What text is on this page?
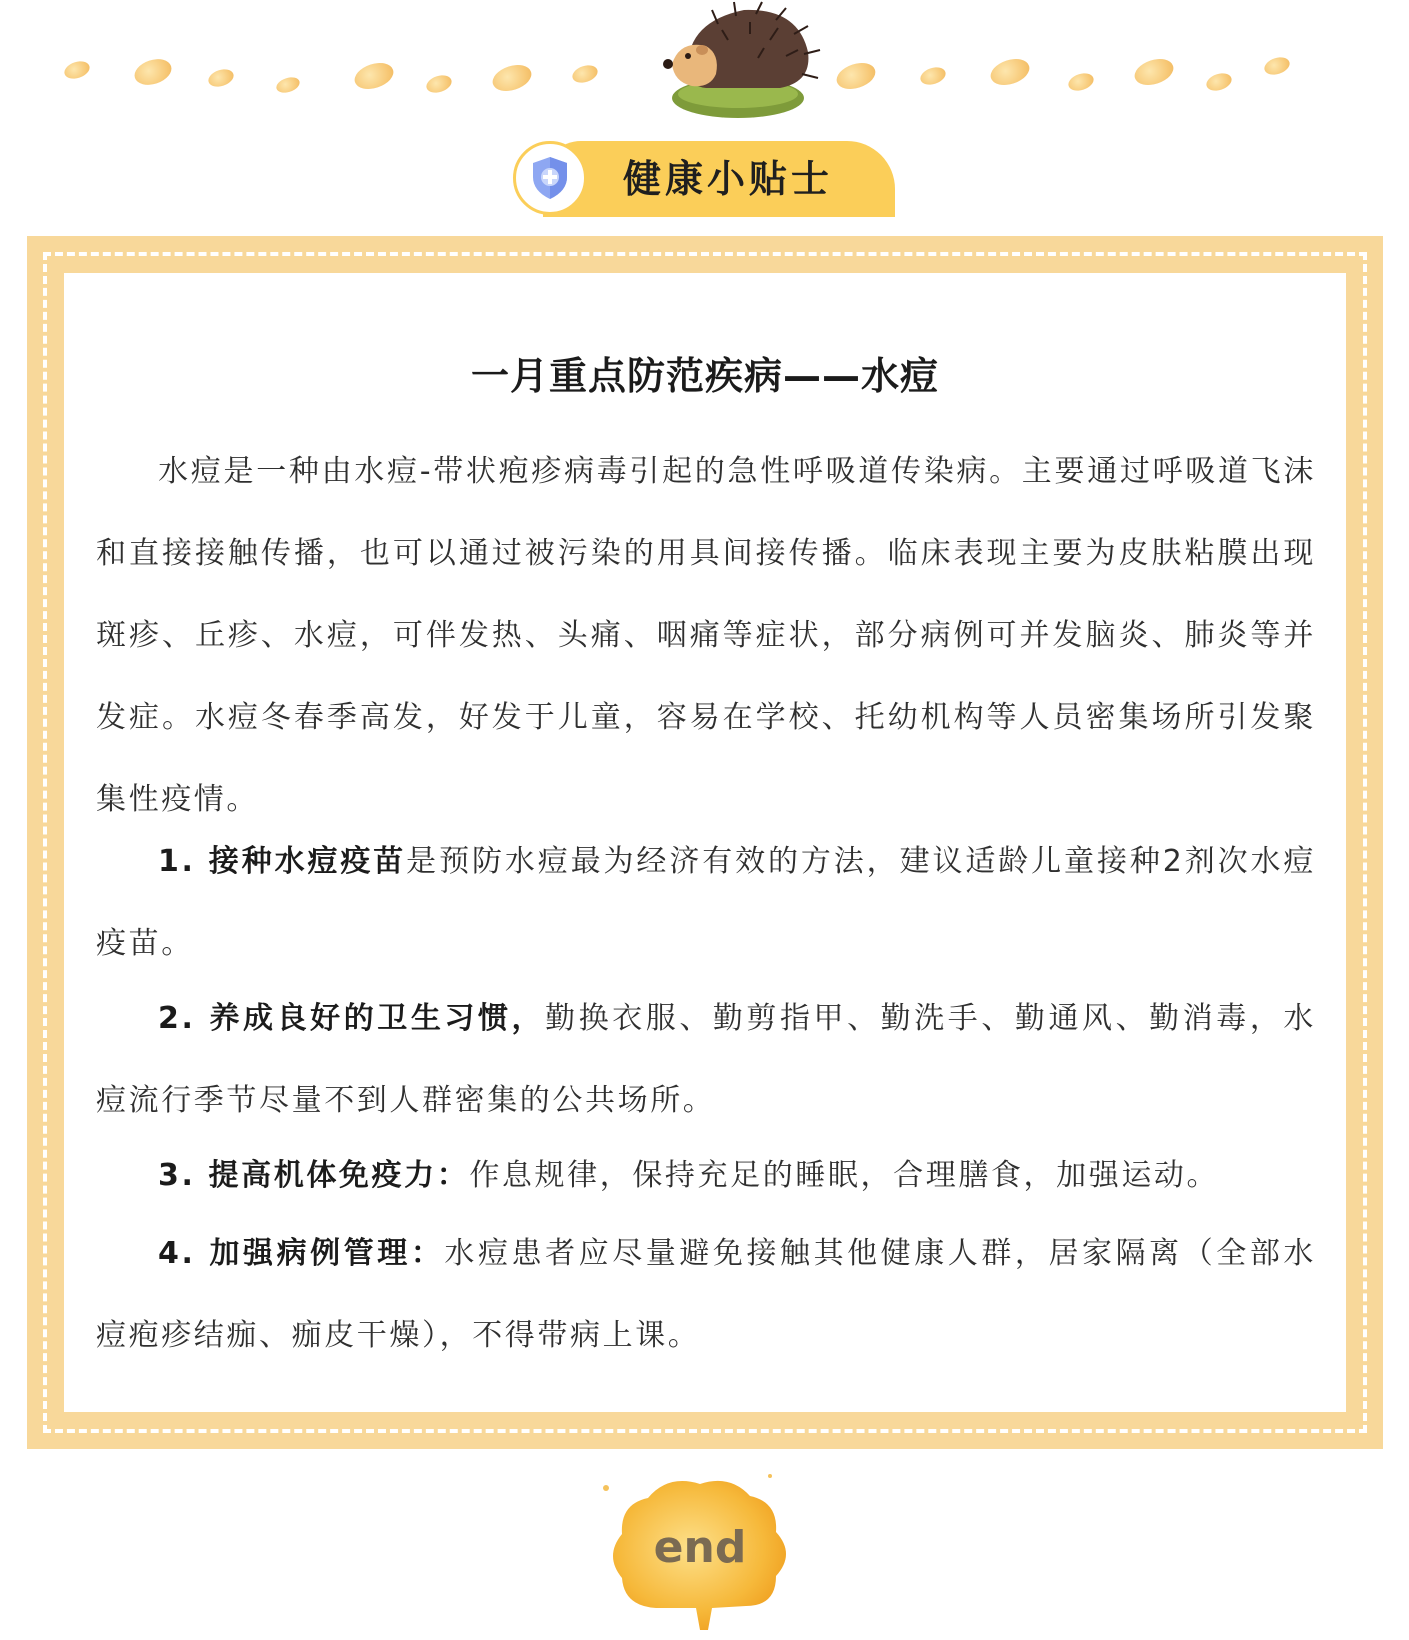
健康小贴士
一月重点防范疾病——水痘
水痘是一种由水痘-带状疱疹病毒引起的急性呼吸道传染病。主要通过呼吸道飞沫和直接接触传播，也可以通过被污染的用具间接传播。临床表现主要为皮肤粘膜出现斑疹、丘疹、水痘，可伴发热、头痛、咽痛等症状，部分病例可并发脑炎、肺炎等并发症。水痘冬春季高发，好发于儿童，容易在学校、托幼机构等人员密集场所引发聚集性疫情。
1. 接种水痘疫苗是预防水痘最为经济有效的方法，建议适龄儿童接种2剂次水痘疫苗。
2. 养成良好的卫生习惯，勤换衣服、勤剪指甲、勤洗手、勤通风、勤消毒，水痘流行季节尽量不到人群密集的公共场所。
3. 提高机体免疫力：作息规律，保持充足的睡眠，合理膳食，加强运动。
4. 加强病例管理：水痘患者应尽量避免接触其他健康人群，居家隔离（全部水痘疱疹结痂、痂皮干燥），不得带病上课。
end
